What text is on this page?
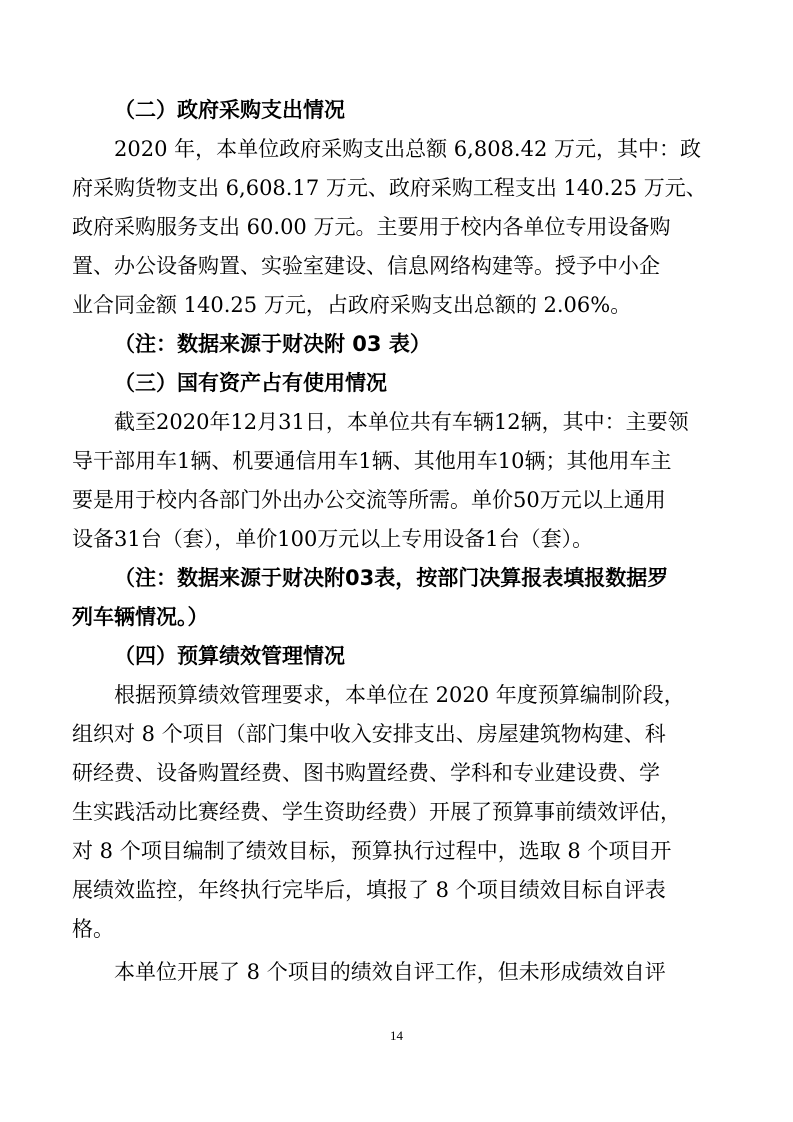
（二）政府采购支出情况
2020 年，本单位政府采购支出总额 6,808.42 万元，其中：政
府采购货物支出 6,608.17 万元、政府采购工程支出 140.25 万元、
政府采购服务支出 60.00 万元。主要用于校内各单位专用设备购
置、办公设备购置、实验室建设、信息网络构建等。授予中小企
业合同金额 140.25 万元，占政府采购支出总额的 2.06%。
（注：数据来源于财决附 03 表）
（三）国有资产占有使用情况
截至2020年12月31日，本单位共有车辆12辆，其中：主要领
导干部用车1辆、机要通信用车1辆、其他用车10辆；其他用车主
要是用于校内各部门外出办公交流等所需。单价50万元以上通用
设备31台（套），单价100万元以上专用设备1台（套）。
（注：数据来源于财决附03表，按部门决算报表填报数据罗
列车辆情况。）
（四）预算绩效管理情况
根据预算绩效管理要求，本单位在 2020 年度预算编制阶段，
组织对 8 个项目（部门集中收入安排支出、房屋建筑物构建、科
研经费、设备购置经费、图书购置经费、学科和专业建设费、学
生实践活动比赛经费、学生资助经费）开展了预算事前绩效评估，
对 8 个项目编制了绩效目标，预算执行过程中，选取 8 个项目开
展绩效监控，年终执行完毕后，填报了 8 个项目绩效目标自评表
格。
本单位开展了 8 个项目的绩效自评工作，但未形成绩效自评
14
